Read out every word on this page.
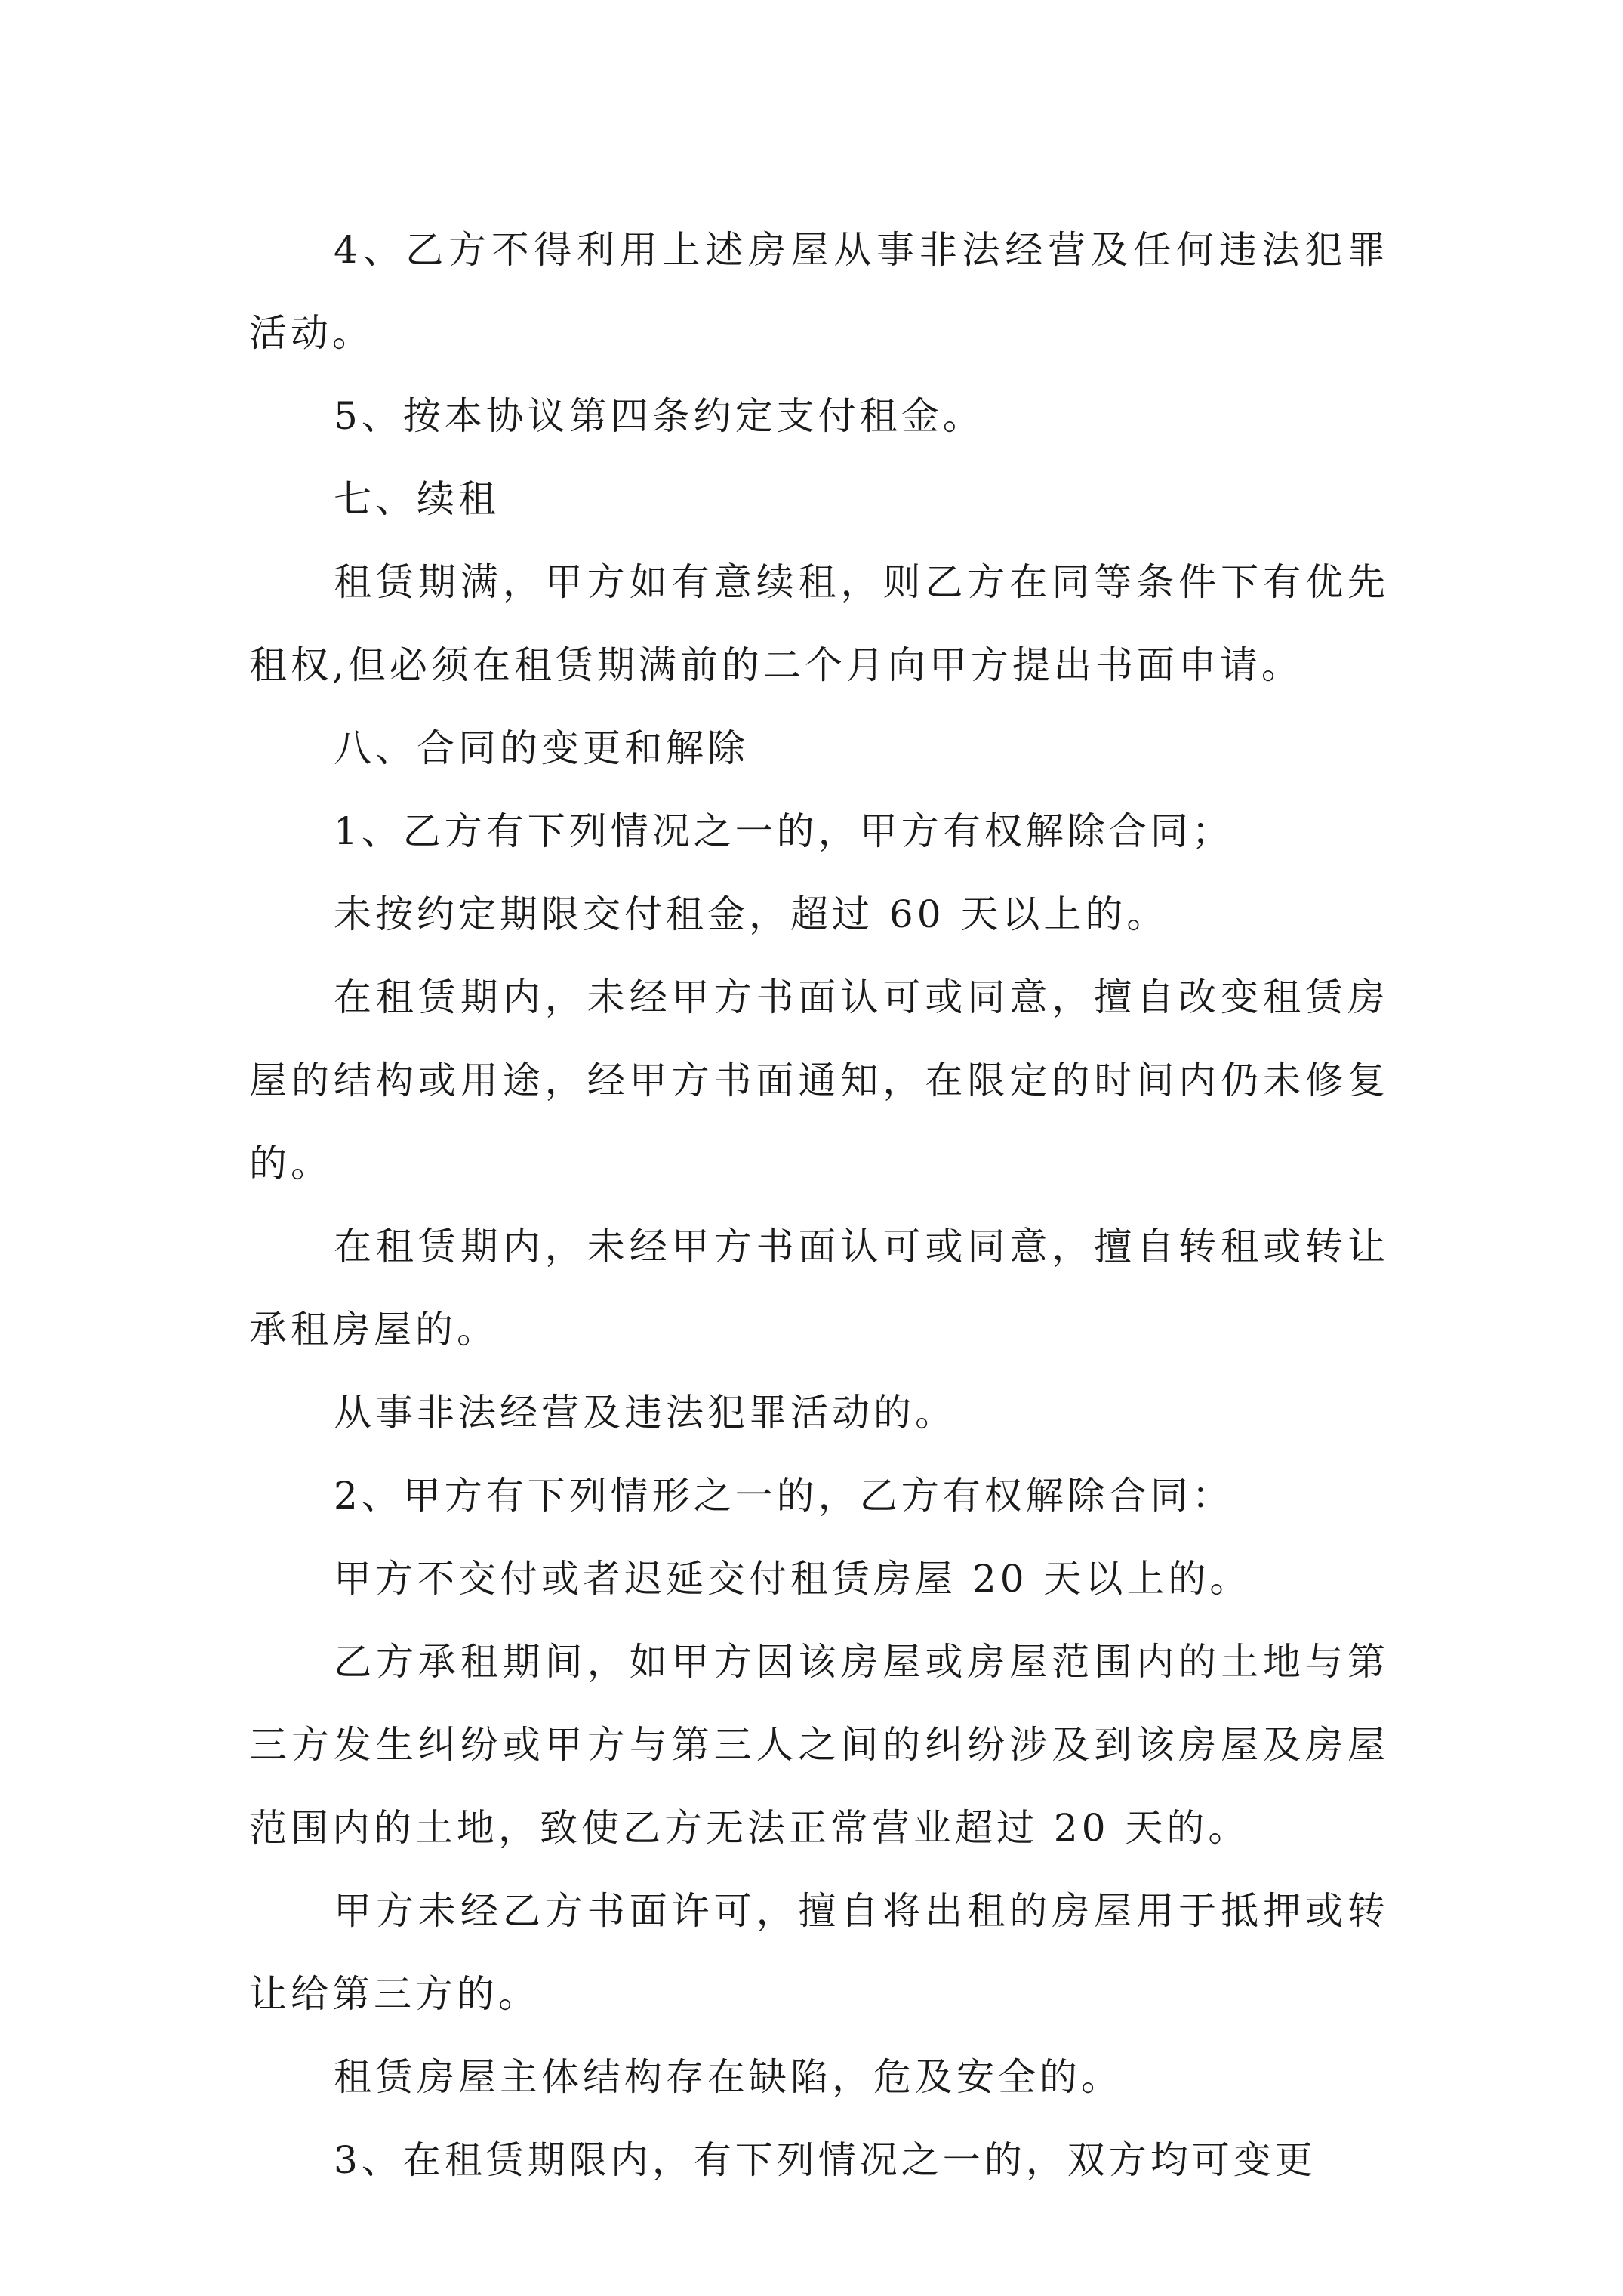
4、乙方不得利用上述房屋从事非法经营及任何违法犯罪活动。

5、按本协议第四条约定支付租金。

七、续租

租赁期满，甲方如有意续租，则乙方在同等条件下有优先租权,但必须在租赁期满前的二个月向甲方提出书面申请。

八、合同的变更和解除

1、乙方有下列情况之一的，甲方有权解除合同；

未按约定期限交付租金，超过 60 天以上的。

在租赁期内，未经甲方书面认可或同意，擅自改变租赁房屋的结构或用途，经甲方书面通知，在限定的时间内仍未修复的。

在租赁期内，未经甲方书面认可或同意，擅自转租或转让承租房屋的。

从事非法经营及违法犯罪活动的。

2、甲方有下列情形之一的，乙方有权解除合同：

甲方不交付或者迟延交付租赁房屋 20 天以上的。

乙方承租期间，如甲方因该房屋或房屋范围内的土地与第三方发生纠纷或甲方与第三人之间的纠纷涉及到该房屋及房屋范围内的土地，致使乙方无法正常营业超过 20 天的。

甲方未经乙方书面许可，擅自将出租的房屋用于抵押或转让给第三方的。

租赁房屋主体结构存在缺陷，危及安全的。

3、在租赁期限内，有下列情况之一的，双方均可变更
